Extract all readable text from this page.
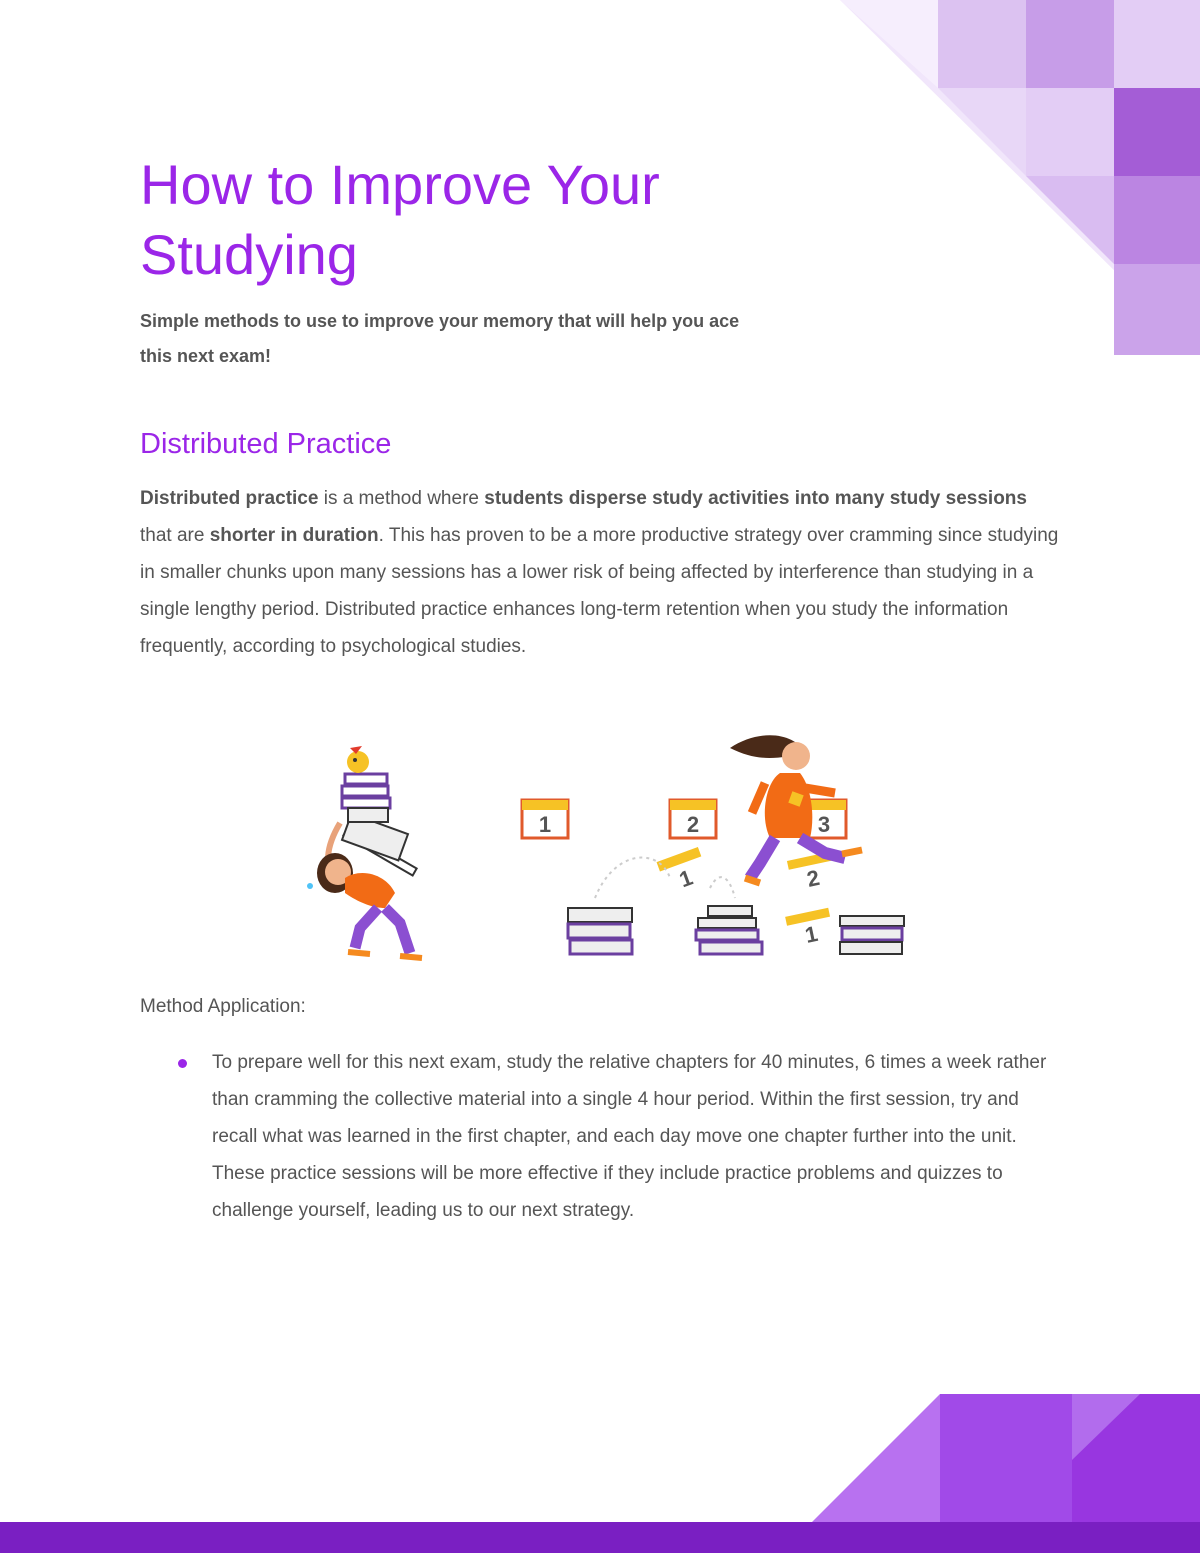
How to Improve Your
Studying

Simple methods to use to improve your memory that will help you ace
this next exam!

Distributed Practice

Distributed practice is a method where students disperse study activities into many study sessions that are shorter in duration. This has proven to be a more productive strategy over cramming since studying in smaller chunks upon many sessions has a lower risk of being affected by interference than studying in a single lengthy period. Distributed practice enhances long-term retention when you study the information frequently, according to psychological studies.

1	2	3
1	2
1

Method Application:

To prepare well for this next exam, study the relative chapters for 40 minutes, 6 times a week rather than cramming the collective material into a single 4 hour period. Within the first session, try and recall what was learned in the first chapter, and each day move one chapter further into the unit. These practice sessions will be more effective if they include practice problems and quizzes to challenge yourself, leading us to our next strategy.
